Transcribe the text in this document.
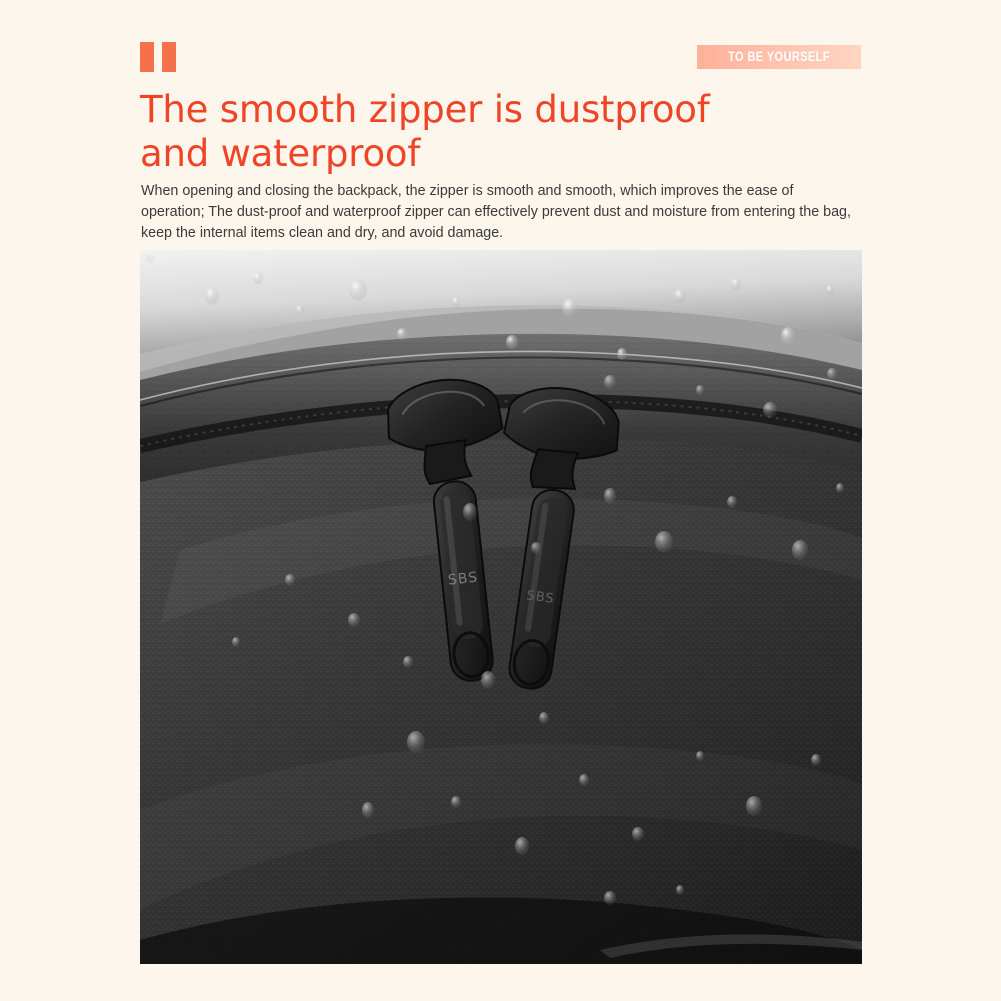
TO BE YOURSELF
The smooth zipper is dustproof
and waterproof
When opening and closing the backpack, the zipper is smooth and smooth, which improves the ease of operation; The dust-proof and waterproof zipper can effectively prevent dust and moisture from entering the bag, keep the internal items clean and dry, and avoid damage.
SBS
SBS
IB
